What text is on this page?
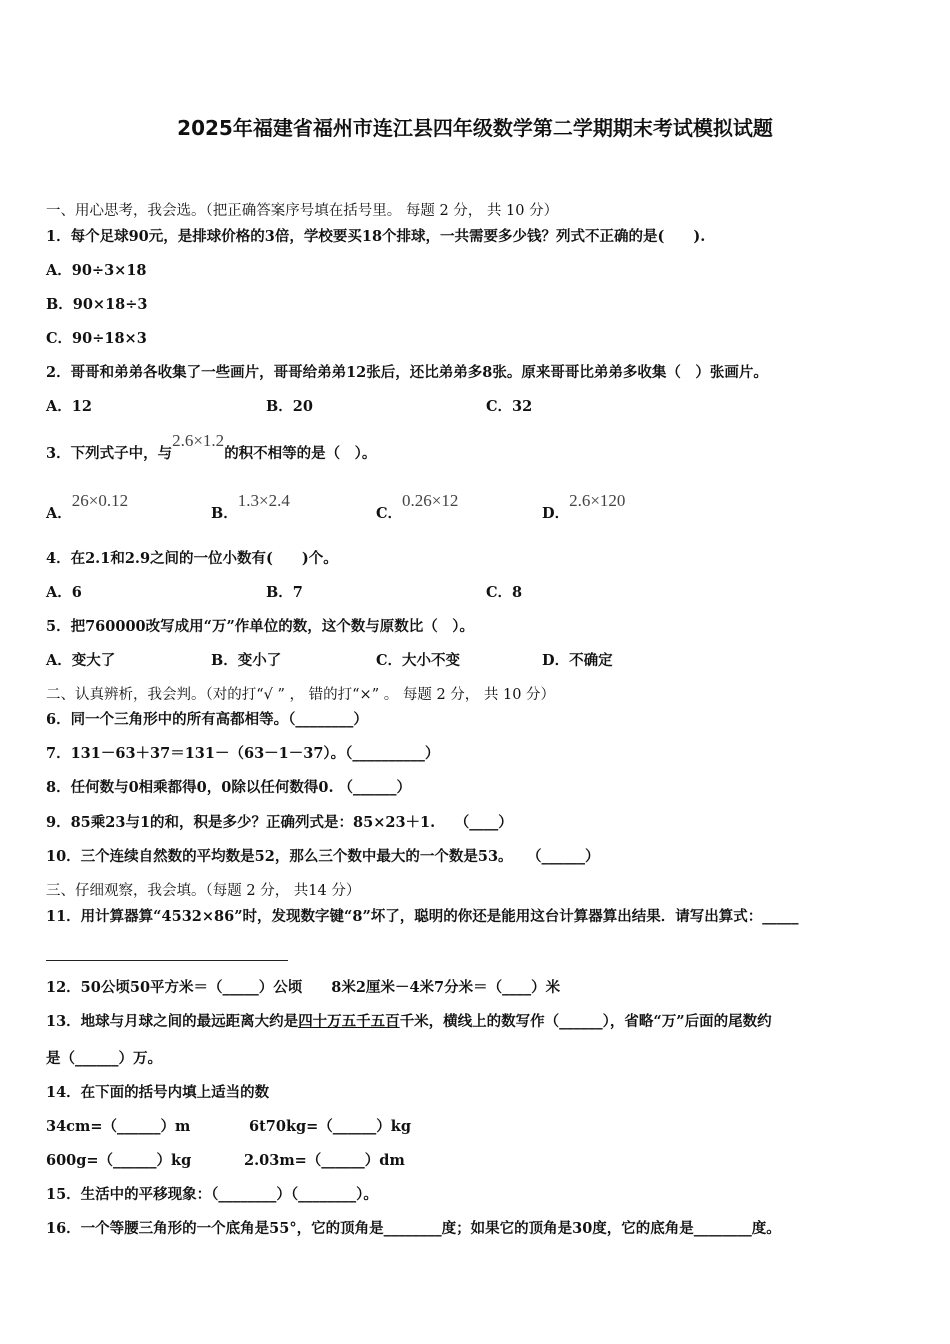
2025年福建省福州市连江县四年级数学第二学期期末考试模拟试题
一、用心思考，我会选。（把正确答案序号填在括号里。 每题 2 分， 共 10 分）
1．每个足球90元，是排球价格的3倍，学校要买18个排球，一共需要多少钱？列式不正确的是(　　).
A．90÷3×18
B．90×18÷3
C．90÷18×3
2．哥哥和弟弟各收集了一些画片，哥哥给弟弟12张后，还比弟弟多8张。原来哥哥比弟弟多收集（　）张画片。
A．12	B．20	C．32
3．下列式子中，与2.6×1.2的积不相等的是（　）。
A．26×0.12B．1.3×2.4C．0.26×12D．2.6×120
4．在2.1和2.9之间的一位小数有(　　)个。
A．6	B．7	C．8
5．把760000改写成用“万”作单位的数，这个数与原数比（　）。
A．变大了	B．变小了	C．大小不变	D．不确定
二、认真辨析，我会判。（对的打“√ ” ， 错的打“×” 。 每题 2 分， 共 10 分）
6．同一个三角形中的所有高都相等。（________）
7．131－63＋37＝131－（63－1－37）。（__________）
8．任何数与0相乘都得0，0除以任何数得0. （______）
9．85乘23与1的和，积是多少？正确列式是：85×23＋1.　 （____）
10．三个连续自然数的平均数是52，那么三个数中最大的一个数是53。　　（______）
三、仔细观察，我会填。（每题 2 分， 共14 分）
11．用计算器算“4532×86”时，发现数字键“8”坏了，聪明的你还是能用这台计算器算出结果．请写出算式：_____
12．50公顷50平方米＝（_____）公顷　　8米2厘米－4米7分米＝（____）米
13．地球与月球之间的最远距离大约是四十万五千五百千米，横线上的数写作（______），省略“万”后面的尾数约
是（______）万。
14．在下面的括号内填上适当的数
34cm=（______）m	6t70kg=（______）kg
600g=（______）kg	2.03m=（______）dm
15．生活中的平移现象：（________）（________）。
16．一个等腰三角形的一个底角是55°，它的顶角是________度；如果它的顶角是30度，它的底角是________度。
